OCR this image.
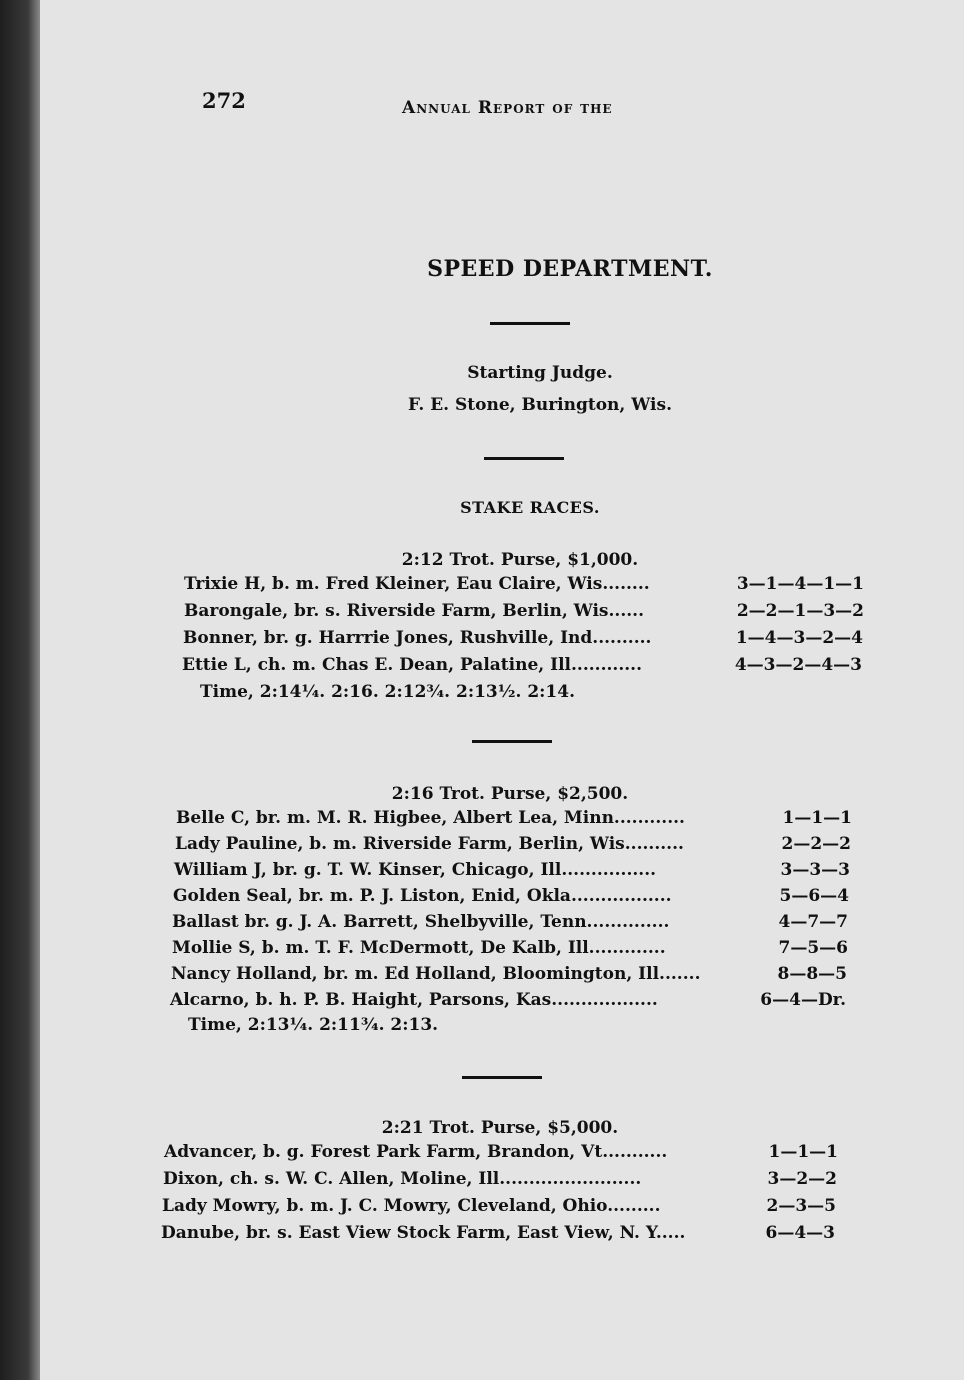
272	Annual Report of the
SPEED DEPARTMENT.
Starting Judge.
F. E. Stone, Burington, Wis.
STAKE RACES.
2:12 Trot. Purse, $1,000.
Trixie H, b. m. Fred Kleiner, Eau Claire, Wis........	3—1—4—1—1
Barongale, br. s. Riverside Farm, Berlin, Wis......	2—2—1—3—2
Bonner, br. g. Harrrie Jones, Rushville, Ind..........	1—4—3—2—4
Ettie L, ch. m. Chas E. Dean, Palatine, Ill............	4—3—2—4—3
Time, 2:14¼. 2:16. 2:12¾. 2:13½. 2:14.
2:16 Trot. Purse, $2,500.
Belle C, br. m. M. R. Higbee, Albert Lea, Minn............	1—1—1
Lady Pauline, b. m. Riverside Farm, Berlin, Wis..........	2—2—2
William J, br. g. T. W. Kinser, Chicago, Ill................	3—3—3
Golden Seal, br. m. P. J. Liston, Enid, Okla.................	5—6—4
Ballast br. g. J. A. Barrett, Shelbyville, Tenn..............	4—7—7
Mollie S, b. m. T. F. McDermott, De Kalb, Ill.............	7—5—6
Nancy Holland, br. m. Ed Holland, Bloomington, Ill.......	8—8—5
Alcarno, b. h. P. B. Haight, Parsons, Kas..................	6—4—Dr.
Time, 2:13¼. 2:11¾. 2:13.
2:21 Trot. Purse, $5,000.
Advancer, b. g. Forest Park Farm, Brandon, Vt...........	1—1—1
Dixon, ch. s. W. C. Allen, Moline, Ill........................	3—2—2
Lady Mowry, b. m. J. C. Mowry, Cleveland, Ohio.........	2—3—5
Danube, br. s. East View Stock Farm, East View, N. Y.....	6—4—3
